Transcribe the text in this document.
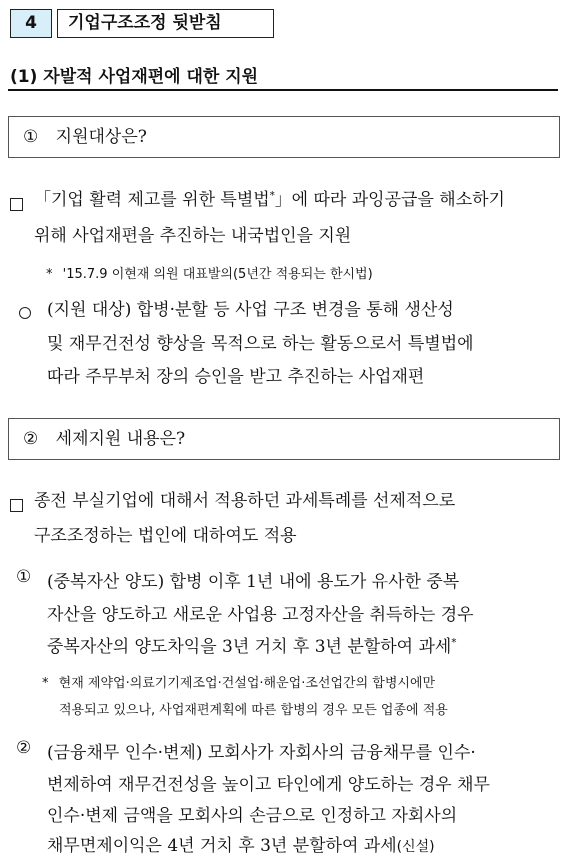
4	기업구조조정 뒷받침
(1) 자발적 사업재편에 대한 지원
① 지원대상은?
「기업 활력 제고를 위한 특별법*」에 따라 과잉공급을 해소하기
위해 사업재편을 추진하는 내국법인을 지원
* '15.7.9 이현재 의원 대표발의(5년간 적용되는 한시법)
(지원 대상) 합병·분할 등 사업 구조 변경을 통해 생산성
및 재무건전성 향상을 목적으로 하는 활동으로서 특별법에
따라 주무부처 장의 승인을 받고 추진하는 사업재편
② 세제지원 내용은?
종전 부실기업에 대해서 적용하던 과세특례를 선제적으로
구조조정하는 법인에 대하여도 적용
① (중복자산 양도) 합병 이후 1년 내에 용도가 유사한 중복
자산을 양도하고 새로운 사업용 고정자산을 취득하는 경우
중복자산의 양도차익을 3년 거치 후 3년 분할하여 과세*
* 현재 제약업·의료기기제조업·건설업·해운업·조선업간의 합병시에만
적용되고 있으나, 사업재편계획에 따른 합병의 경우 모든 업종에 적용
② (금융채무 인수·변제) 모회사가 자회사의 금융채무를 인수·
변제하여 재무건전성을 높이고 타인에게 양도하는 경우 채무
인수·변제 금액을 모회사의 손금으로 인정하고 자회사의
채무면제이익은 4년 거치 후 3년 분할하여 과세(신설)
